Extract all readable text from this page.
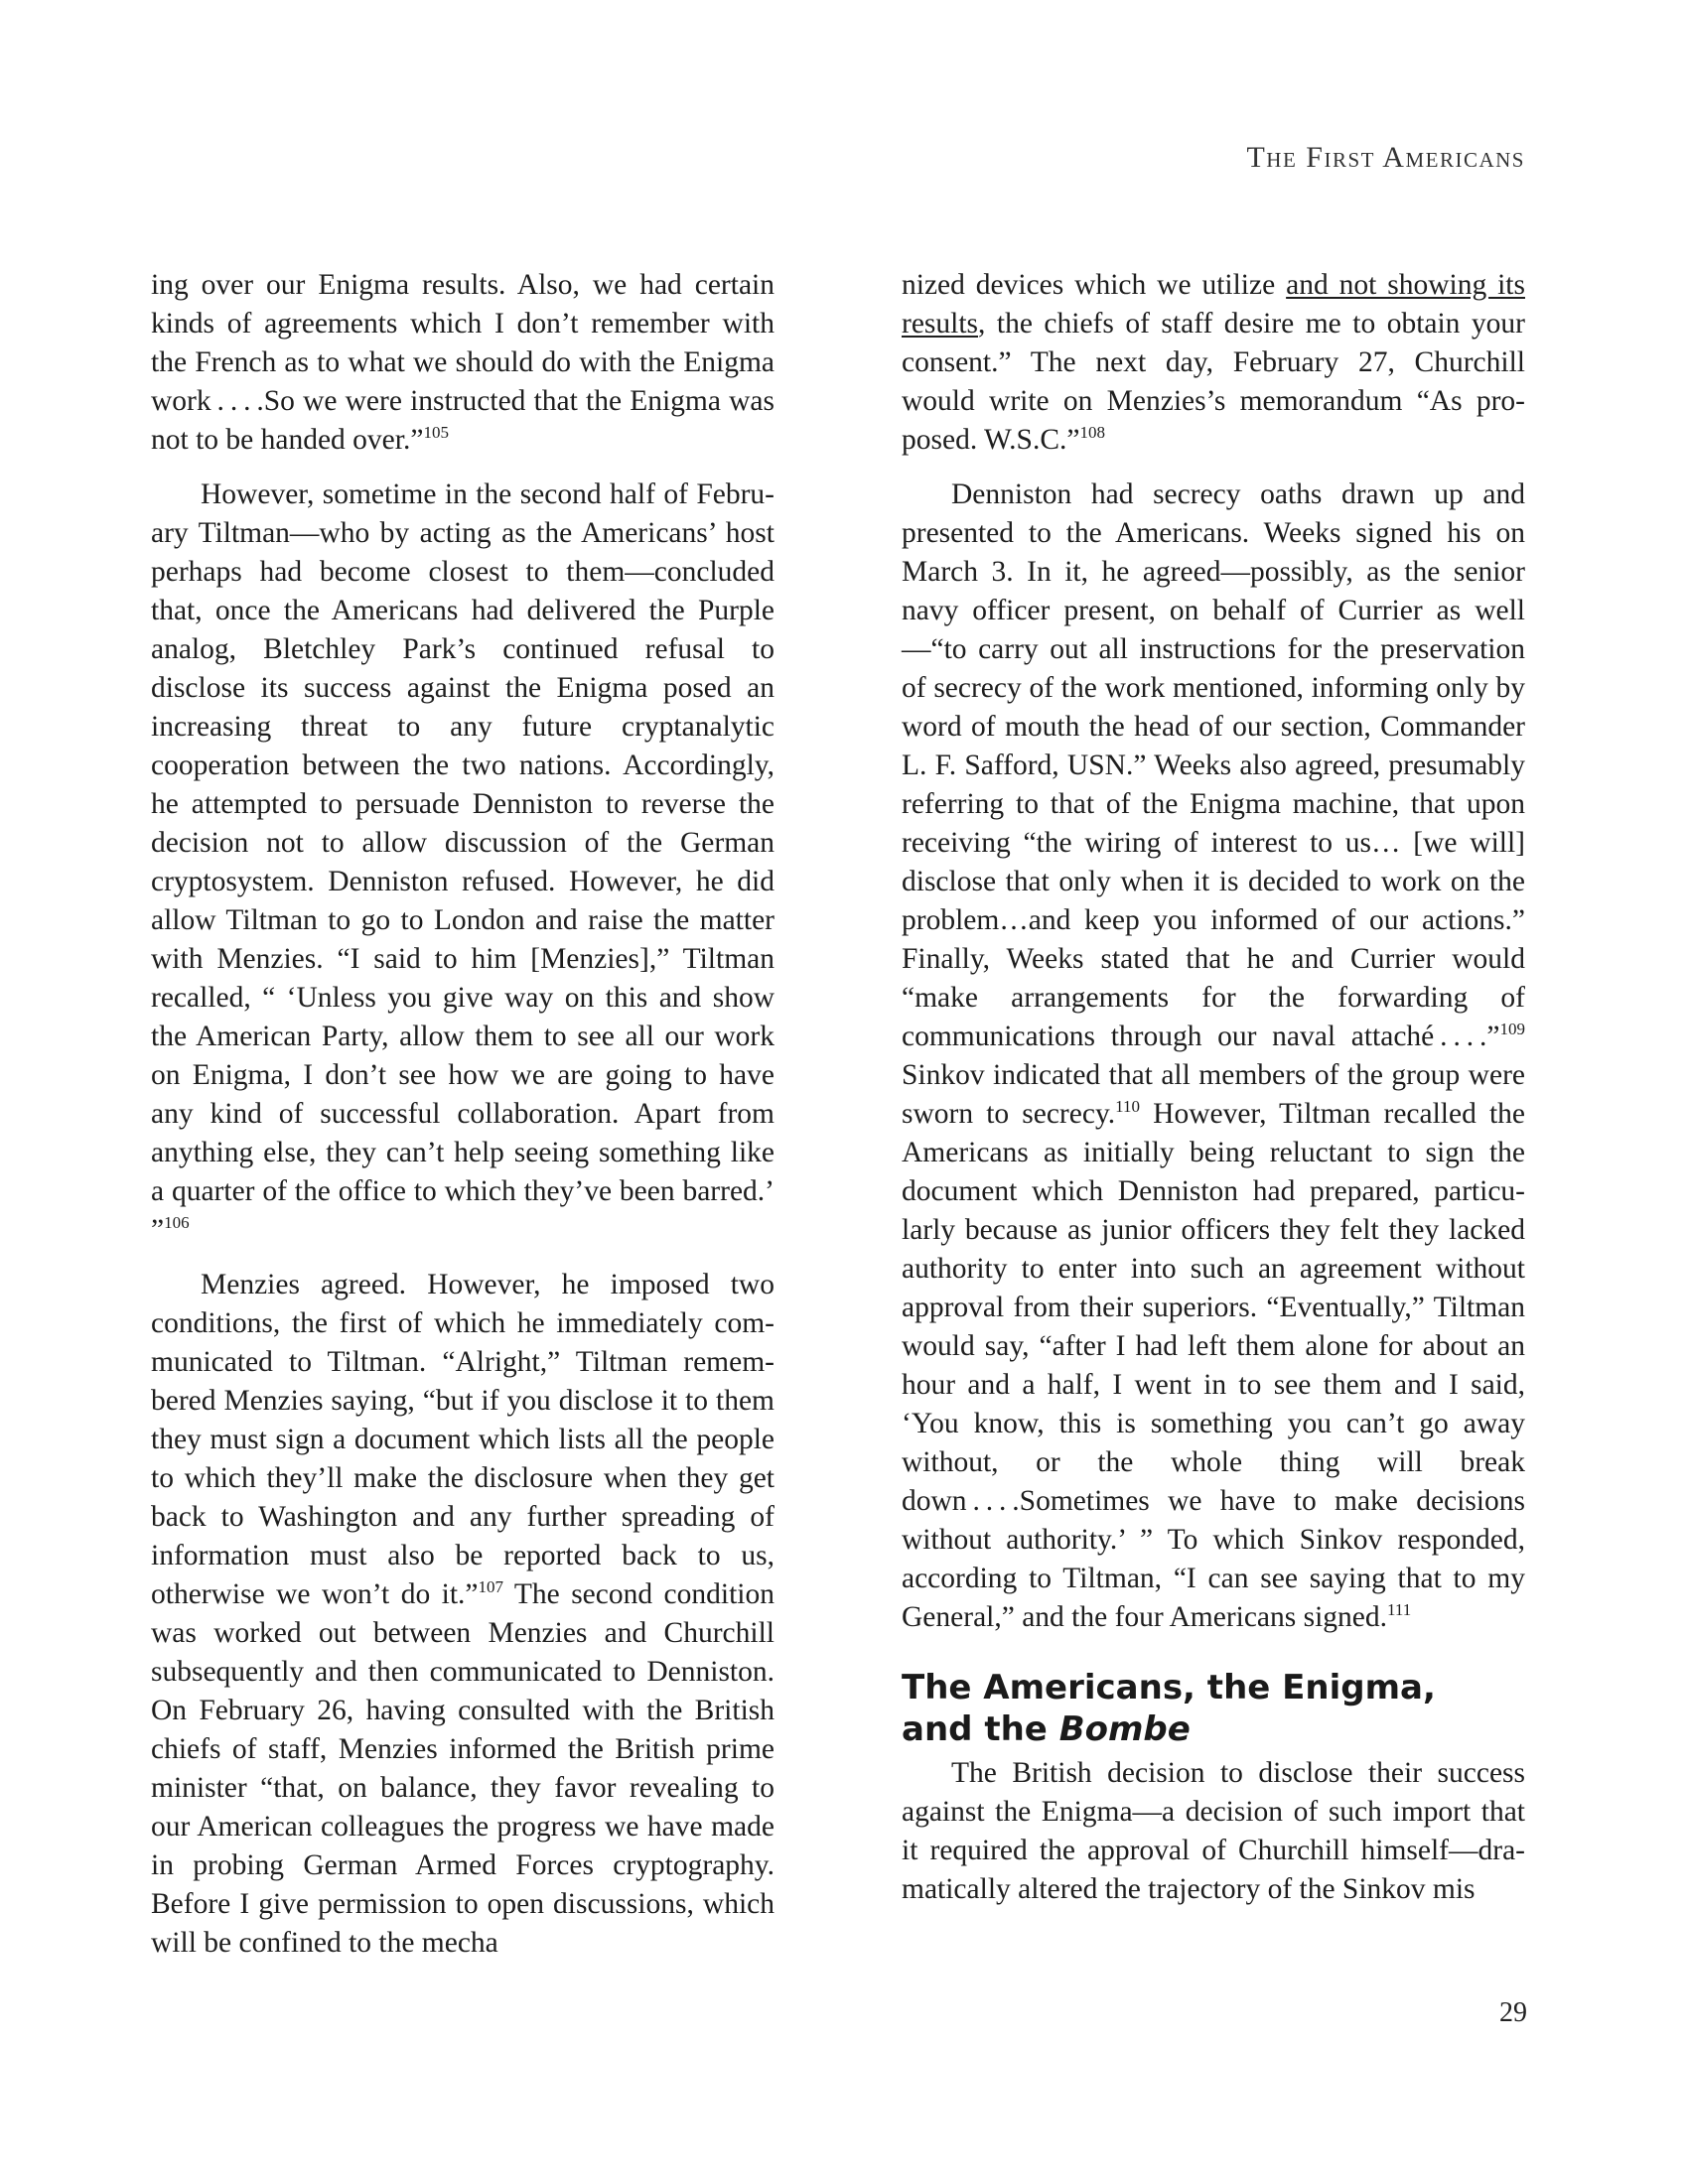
The First Americans

ing over our Enigma results. Also, we had certain kinds of agreements which I don’t remember with the French as to what we should do with the Enigma work . . . .So we were instructed that the Enigma was not to be handed over.”$^{105}$

However, sometime in the second half of February Tiltman—who by acting as the Americans’ host perhaps had become closest to them—concluded that, once the Americans had delivered the Purple analog, Bletchley Park’s continued refusal to disclose its success against the Enigma posed an increasing threat to any future cryptanalytic cooperation between the two nations. Accordingly, he attempted to persuade Denniston to reverse the decision not to allow discussion of the German cryptosystem. Denniston refused. However, he did allow Tiltman to go to London and raise the matter with Menzies. “I said to him [Menzies],” Tiltman recalled, “ ‘Unless you give way on this and show the American Party, allow them to see all our work on Enigma, I don’t see how we are going to have any kind of successful collaboration. Apart from anything else, they can’t help seeing something like a quarter of the office to which they’ve been barred.’ ”$^{106}$

Menzies agreed. However, he imposed two conditions, the first of which he immediately communicated to Tiltman. “Alright,” Tiltman remembered Menzies saying, “but if you disclose it to them they must sign a document which lists all the people to which they’ll make the disclosure when they get back to Washington and any further spreading of information must also be reported back to us, otherwise we won’t do it.”$^{107}$ The second condition was worked out between Menzies and Churchill subsequently and then communicated to Denniston. On February 26, having consulted with the British chiefs of staff, Menzies informed the British prime minister “that, on balance, they favor revealing to our American colleagues the progress we have made in probing German Armed Forces cryptography. Before I give permission to open discussions, which will be confined to the mecha

nized devices which we utilize and not showing its results, the chiefs of staff desire me to obtain your consent.” The next day, February 27, Churchill would write on Menzies’s memorandum “As proposed. W.S.C.”$^{108}$

Denniston had secrecy oaths drawn up and presented to the Americans. Weeks signed his on March 3. In it, he agreed—possibly, as the senior navy officer present, on behalf of Currier as well—“to carry out all instructions for the preservation of secrecy of the work mentioned, informing only by word of mouth the head of our section, Commander L. F. Safford, USN.” Weeks also agreed, presumably referring to that of the Enigma machine, that upon receiving “the wiring of interest to us… [we will] disclose that only when it is decided to work on the problem…and keep you informed of our actions.” Finally, Weeks stated that he and Currier would “make arrangements for the forwarding of communications through our naval attaché . . . .”$^{109}$ Sinkov indicated that all members of the group were sworn to secrecy.$^{110}$ However, Tiltman recalled the Americans as initially being reluctant to sign the document which Denniston had prepared, particularly because as junior officers they felt they lacked authority to enter into such an agreement without approval from their superiors. “Eventually,” Tiltman would say, “after I had left them alone for about an hour and a half, I went in to see them and I said, ‘You know, this is something you can’t go away without, or the whole thing will break down . . . .Sometimes we have to make decisions without authority.’ ” To which Sinkov responded, according to Tiltman, “I can see saying that to my General,” and the four Americans signed.$^{111}$

The Americans, the Enigma,
and the Bombe

The British decision to disclose their success against the Enigma—a decision of such import that it required the approval of Churchill himself—dramatically altered the trajectory of the Sinkov mis

29
